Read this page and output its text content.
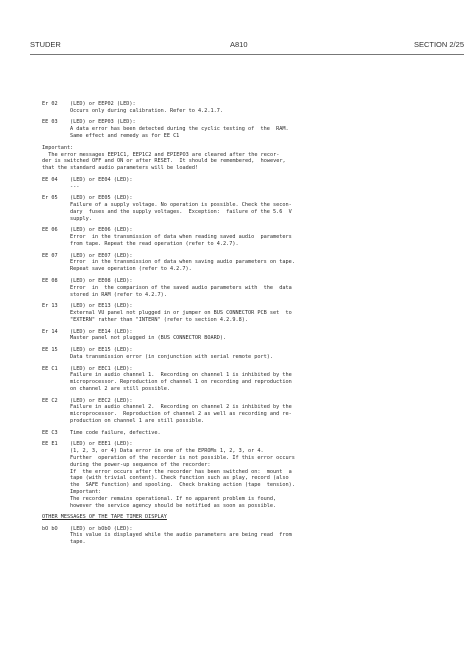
STUDER	A810	SECTION 2/25
Er 02	(LED) or EEP02 (LED):
Occurs only during calibration. Refer to 4.2.1.7.
EE 03	(LED) or EEP03 (LED):
A data error has been detected during the cyclic testing of  the  RAM.
Same effect and remedy as for EE C1
Important:
The error messages EEP1C1, EEP1C2 and EPIEPO3 are cleared after the recor-
der is switched OFF and ON or after RESET.  It should be remembered,  however,
that the standard audio parameters will be loaded!
EE 04	(LED) or EE04 (LED):
---
Er 05	(LED) or EE05 (LED):
Failure of a supply voltage. No operation is possible. Check the secon-
dary  fuses and the supply voltages.  Exception:  failure of the 5.6  V
supply.
EE 06	(LED) or EE06 (LED):
Error  in the transmission of data when reading saved audio  parameters
from tape. Repeat the read operation (refer to 4.2.7).
EE 07	(LED) or EE07 (LED):
Error  in the transmission of data when saving audio parameters on tape.
Repeat save operation (refer to 4.2.7).
EE 08	(LED) or EE08 (LED):
Error  in  the comparison of the saved audio parameters with  the  data
stored in RAM (refer to 4.2.7).
Er 13	(LED) or EE13 (LED):
External VU panel not plugged in or jumper on BUS CONNECTOR PCB set  to
"EXTERN" rather than "INTERN" (refer to section 4.2.9.8).
Er 14	(LED) or EE14 (LED):
Master panel not plugged in (BUS CONNECTOR BOARD).
EE 15	(LED) or EE15 (LED):
Data transmission error (in conjunction with serial remote port).
EE C1	(LED) or EEC1 (LED):
Failure in audio channel 1.  Recording on channel 1 is inhibited by the
microprocessor. Reproduction of channel 1 on recording and reproduction
on channel 2 are still possible.
EE C2	(LED) or EEC2 (LED):
Failure in audio channel 2.  Recording on channel 2 is inhibited by the
microprocessor.  Reproduction of channel 2 as well as recording and re-
production on channel 1 are still possible.
EE C3	Time code failure, defective.
EE E1	(LED) or EEE1 (LED):
(1, 2, 3, or 4) Data error in one of the EPROMs 1, 2, 3, or 4.
Further  operation of the recorder is not possible. If this error occurs
during the power-up sequence of the recorder:
If  the error occurs after the recorder has been switched on:  mount  a
tape (with trivial content). Check function such as play, record (also
the  SAFE function) and spooling.  Check braking action (tape  tension).
Important:
The recorder remains operational. If no apparent problem is found,
however the service agency should be notified as soon as possible.
OTHER MESSAGES OF THE TAPE TIMER DISPLAY
bO bO	(LED) or bObO (LED):
This value is displayed while the audio parameters are being read  from
tape.
